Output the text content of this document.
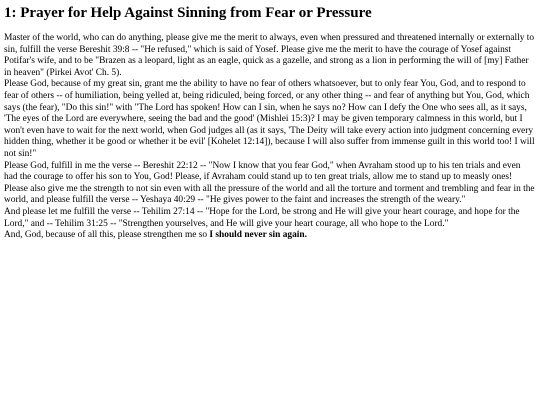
1: Prayer for Help Against Sinning from Fear or Pressure

Master of the world, who can do anything, please give me the merit to always, even when pressured and threatened internally or externally to sin, fulfill the verse Bereshit 39:8 -- "He refused," which is said of Yosef. Please give me the merit to have the courage of Yosef against Potifar's wife, and to be "Brazen as a leopard, light as an eagle, quick as a gazelle, and strong as a lion in performing the will of [my] Father in heaven" (Pirkei Avot' Ch. 5).

Please God, because of my great sin, grant me the ability to have no fear of others whatsoever, but to only fear You, God, and to respond to fear of others -- of humiliation, being yelled at, being ridiculed, being forced, or any other thing -- and fear of anything but You, God, which says (the fear), "Do this sin!" with "The Lord has spoken! How can I sin, when he says no? How can I defy the One who sees all, as it says, 'The eyes of the Lord are everywhere, seeing the bad and the good' (Mishlei 15:3)? I may be given temporary calmness in this world, but I won't even have to wait for the next world, when God judges all (as it says, 'The Deity will take every action into judgment concerning every hidden thing, whether it be good or whether it be evil' [Kohelet 12:14]), because I will also suffer from immense guilt in this world too! I will not sin!"

Please God, fulfill in me the verse -- Bereshit 22:12 -- "Now I know that you fear God," when Avraham stood up to his ten trials and even had the courage to offer his son to You, God! Please, if Avraham could stand up to ten great trials, allow me to stand up to measly ones!

Please also give me the strength to not sin even with all the pressure of the world and all the torture and torment and trembling and fear in the world, and please fulfill the verse -- Yeshaya 40:29 -- "He gives power to the faint and increases the strength of the weary."

And please let me fulfill the verse -- Tehilim 27:14 -- "Hope for the Lord, be strong and He will give your heart courage, and hope for the Lord," and -- Tehilim 31:25 -- "Strengthen yourselves, and He will give your heart courage, all who hope to the Lord."

And, God, because of all this, please strengthen me so I should never sin again.
